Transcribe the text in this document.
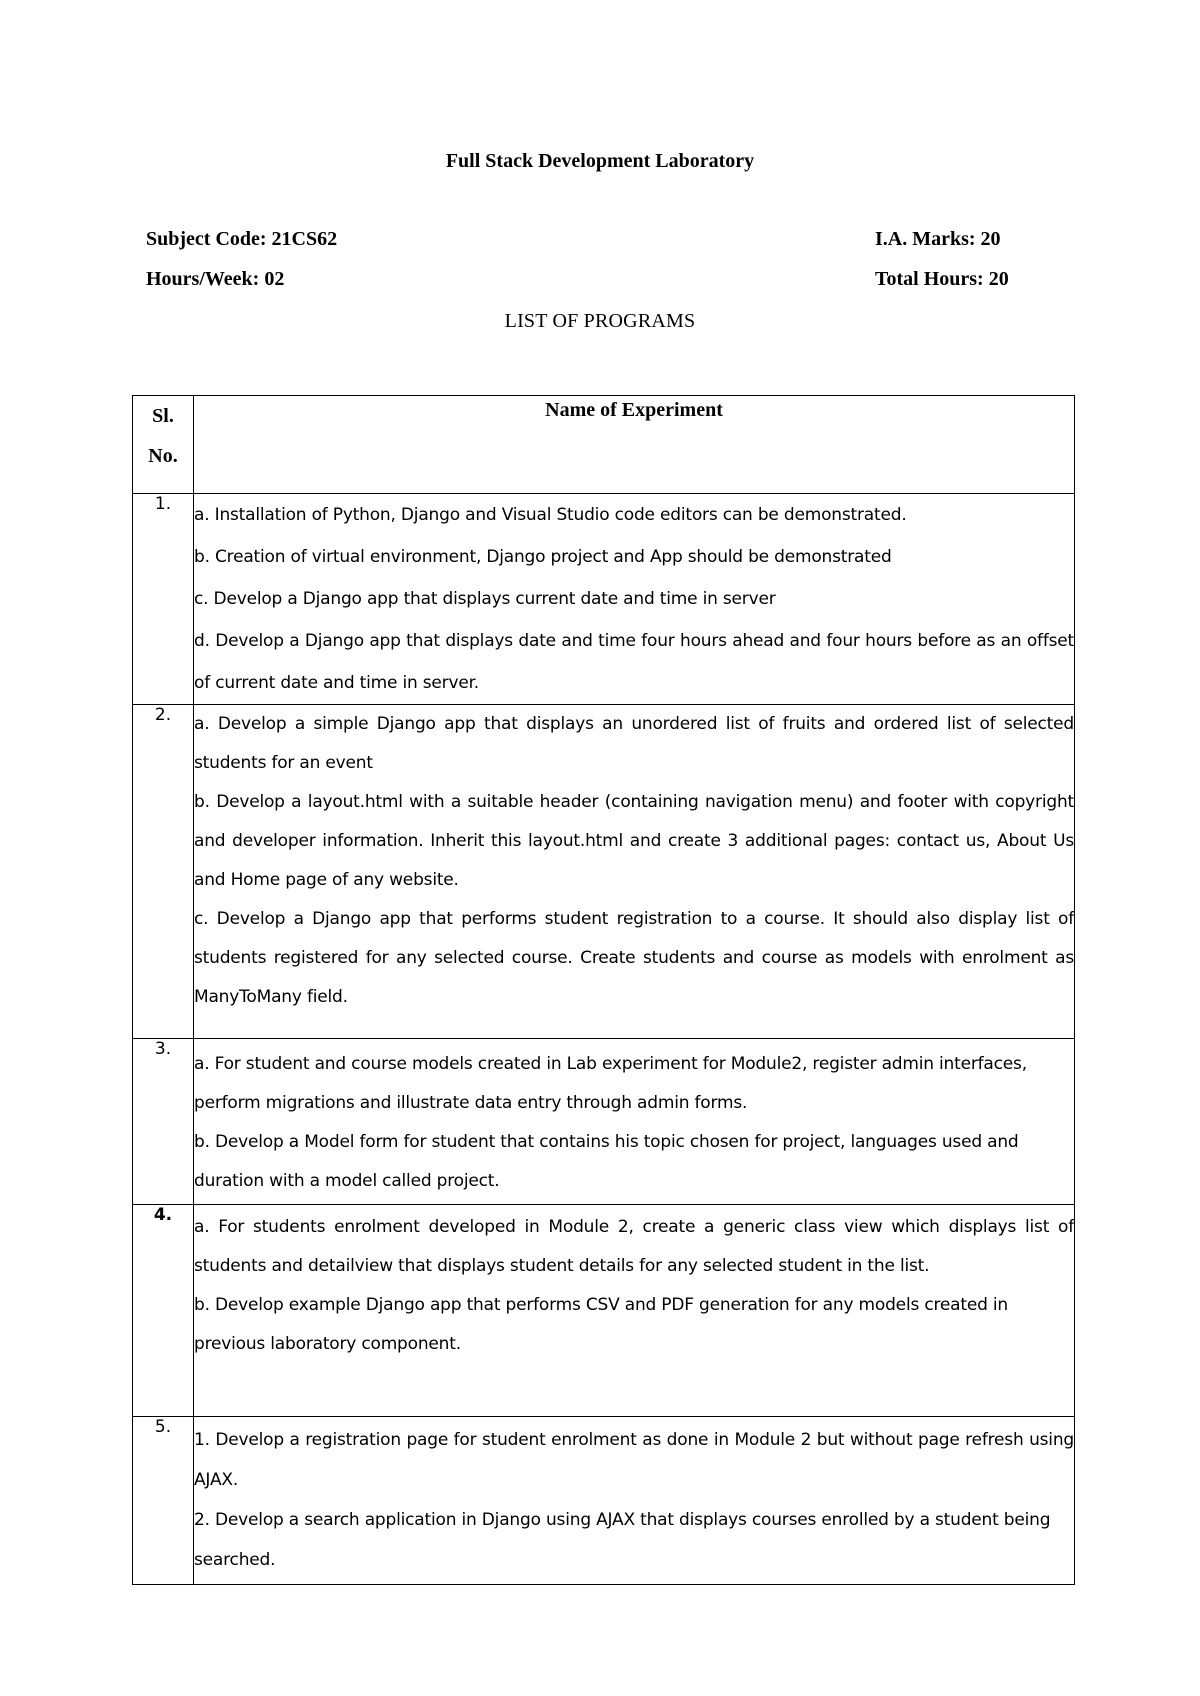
Full Stack Development Laboratory
Subject Code: 21CS62	I.A. Marks: 20
Hours/Week: 02	Total Hours: 20
LIST OF PROGRAMS
Sl.
No.	Name of Experiment
1.	a. Installation of Python, Django and Visual Studio code editors can be demonstrated.
b. Creation of virtual environment, Django project and App should be demonstrated
c. Develop a Django app that displays current date and time in server
d. Develop a Django app that displays date and time four hours ahead and four hours before as an offset of current date and time in server.

2.	a. Develop a simple Django app that displays an unordered list of fruits and ordered list of selected students for an event
b. Develop a layout.html with a suitable header (containing navigation menu) and footer with copyright and developer information. Inherit this layout.html and create 3 additional pages: contact us, About Us and Home page of any website.
c. Develop a Django app that performs student registration to a course. It should also display list of students registered for any selected course. Create students and course as models with enrolment as ManyToMany field.

3.	a. For student and course models created in Lab experiment for Module2, register admin interfaces, perform migrations and illustrate data entry through admin forms.
b. Develop a Model form for student that contains his topic chosen for project, languages used and duration with a model called project.

4.	a. For students enrolment developed in Module 2, create a generic class view which displays list of students and detailview that displays student details for any selected student in the list.
b. Develop example Django app that performs CSV and PDF generation for any models created in previous laboratory component.

5.	1. Develop a registration page for student enrolment as done in Module 2 but without page refresh using AJAX.
2. Develop a search application in Django using AJAX that displays courses enrolled by a student being searched.
